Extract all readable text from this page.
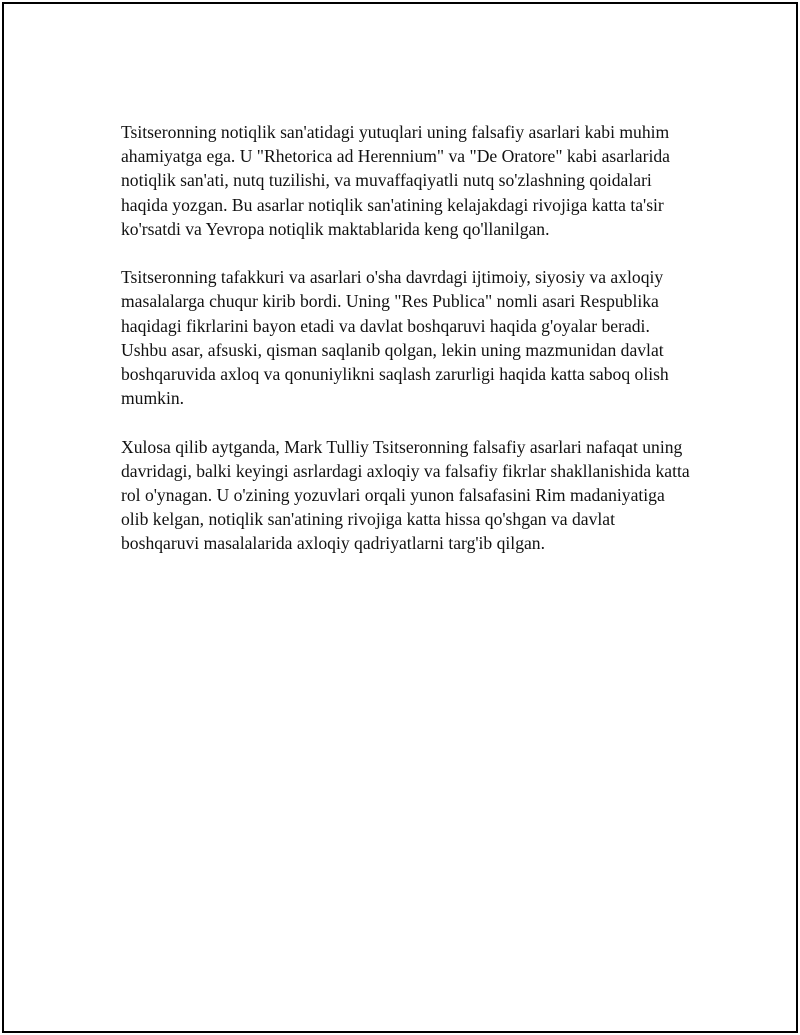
Tsitseronning notiqlik san'atidagi yutuqlari uning falsafiy asarlari kabi muhim ahamiyatga ega. U "Rhetorica ad Herennium" va "De Oratore" kabi asarlarida notiqlik san'ati, nutq tuzilishi, va muvaffaqiyatli nutq so'zlashning qoidalari haqida yozgan. Bu asarlar notiqlik san'atining kelajakdagi rivojiga katta ta'sir ko'rsatdi va Yevropa notiqlik maktablarida keng qo'llanilgan.

Tsitseronning tafakkuri va asarlari o'sha davrdagi ijtimoiy, siyosiy va axloqiy masalalarga chuqur kirib bordi. Uning "Res Publica" nomli asari Respublika haqidagi fikrlarini bayon etadi va davlat boshqaruvi haqida g'oyalar beradi. Ushbu asar, afsuski, qisman saqlanib qolgan, lekin uning mazmunidan davlat boshqaruvida axloq va qonuniylikni saqlash zarurligi haqida katta saboq olish mumkin.

Xulosa qilib aytganda, Mark Tulliy Tsitseronning falsafiy asarlari nafaqat uning davridagi, balki keyingi asrlardagi axloqiy va falsafiy fikrlar shakllanishida katta rol o'ynagan. U o'zining yozuvlari orqali yunon falsafasini Rim madaniyatiga olib kelgan, notiqlik san'atining rivojiga katta hissa qo'shgan va davlat boshqaruvi masalalarida axloqiy qadriyatlarni targ'ib qilgan.
